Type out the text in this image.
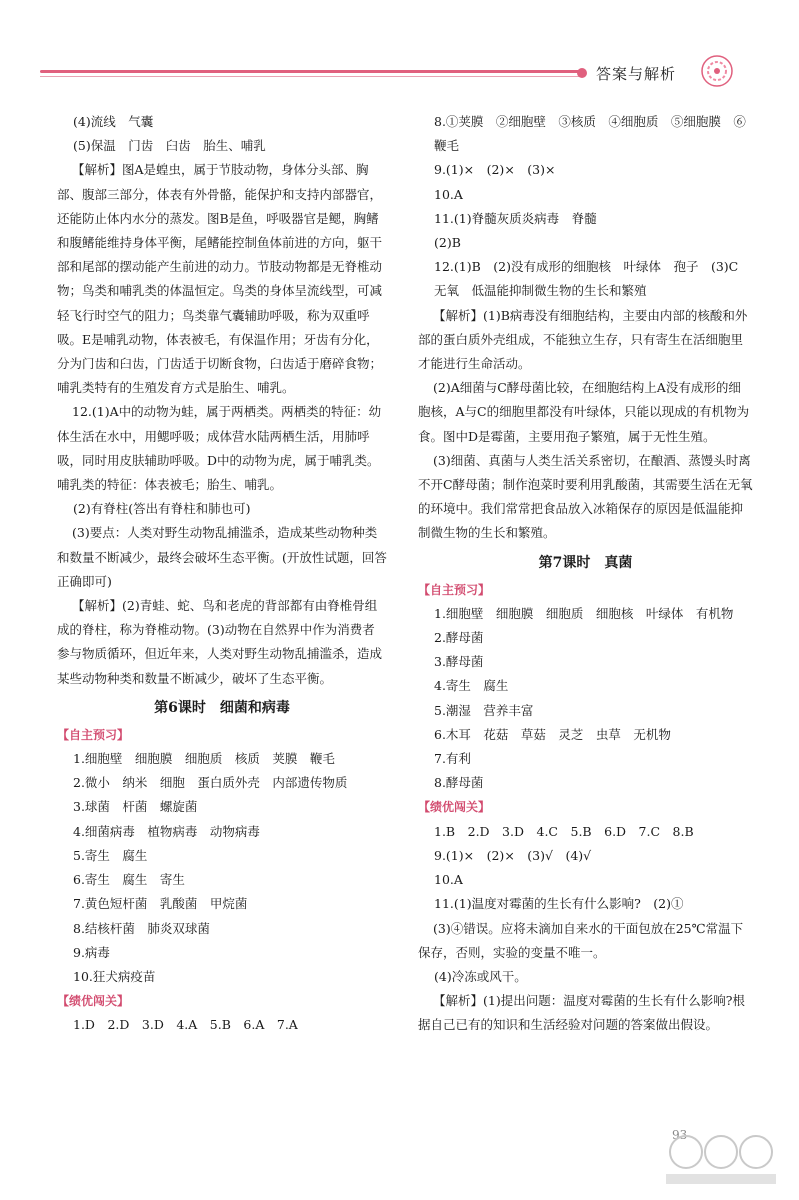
答案与解析

(4)流线　气囊

(5)保温　门齿　臼齿　胎生、哺乳

【解析】图A是蝗虫，属于节肢动物，身体分头部、胸部、腹部三部分，体表有外骨骼，能保护和支持内部器官，还能防止体内水分的蒸发。图B是鱼，呼吸器官是鳃，胸鳍和腹鳍能维持身体平衡，尾鳍能控制鱼体前进的方向，躯干部和尾部的摆动能产生前进的动力。节肢动物都是无脊椎动物；鸟类和哺乳类的体温恒定。鸟类的身体呈流线型，可减轻飞行时空气的阻力；鸟类靠气囊辅助呼吸，称为双重呼吸。E是哺乳动物，体表被毛，有保温作用；牙齿有分化，分为门齿和臼齿，门齿适于切断食物，臼齿适于磨碎食物；哺乳类特有的生殖发育方式是胎生、哺乳。

12.(1)A中的动物为蛙，属于两栖类。两栖类的特征：幼体生活在水中，用鳃呼吸；成体营水陆两栖生活，用肺呼吸，同时用皮肤辅助呼吸。D中的动物为虎，属于哺乳类。哺乳类的特征：体表被毛；胎生、哺乳。

(2)有脊柱(答出有脊柱和肺也可)

(3)要点：人类对野生动物乱捕滥杀，造成某些动物种类和数量不断减少，最终会破坏生态平衡。(开放性试题，回答正确即可)

【解析】(2)青蛙、蛇、鸟和老虎的背部都有由脊椎骨组成的脊柱，称为脊椎动物。(3)动物在自然界中作为消费者参与物质循环，但近年来，人类对野生动物乱捕滥杀，造成某些动物种类和数量不断减少，破坏了生态平衡。

第6课时　细菌和病毒
【 自主预习 】

1.细胞壁　细胞膜　细胞质　核质　荚膜　鞭毛

2.微小　纳米　细胞　蛋白质外壳　内部遗传物质

3.球菌　杆菌　螺旋菌

4.细菌病毒　植物病毒　动物病毒

5.寄生　腐生

6.寄生　腐生　寄生

7.黄色短杆菌　乳酸菌　甲烷菌

8.结核杆菌　肺炎双球菌

9.病毒

10.狂犬病疫苗

【 绩优闯关 】

1.D　2.D　3.D　4.A　5.B　6.A　7.A

8.①荚膜　②细胞壁　③核质　④细胞质　⑤细胞膜　⑥鞭毛

9.(1)×　(2)×　(3)×

10.A

11.(1)脊髓灰质炎病毒　脊髓

(2)B

12.(1)B　(2)没有成形的细胞核　叶绿体　孢子　(3)C　无氧　低温能抑制微生物的生长和繁殖

【解析】(1)B病毒没有细胞结构，主要由内部的核酸和外部的蛋白质外壳组成，不能独立生存，只有寄生在活细胞里才能进行生命活动。

(2)A细菌与C酵母菌比较，在细胞结构上A没有成形的细胞核，A与C的细胞里都没有叶绿体，只能以现成的有机物为食。图中D是霉菌，主要用孢子繁殖，属于无性生殖。

(3)细菌、真菌与人类生活关系密切，在酿酒、蒸馒头时离不开C酵母菌；制作泡菜时要利用乳酸菌，其需要生活在无氧的环境中。我们常常把食品放入冰箱保存的原因是低温能抑制微生物的生长和繁殖。

第7课时　真菌
【 自主预习 】

1.细胞壁　细胞膜　细胞质　细胞核　叶绿体　有机物

2.酵母菌

3.酵母菌

4.寄生　腐生

5.潮湿　营养丰富

6.木耳　花菇　草菇　灵芝　虫草　无机物

7.有利

8.酵母菌

【 绩优闯关 】

1.B　2.D　3.D　4.C　5.B　6.D　7.C　8.B

9.(1)×　(2)×　(3)√　(4)√

10.A

11.(1)温度对霉菌的生长有什么影响?　(2)①

(3)④错误。应将未滴加自来水的干面包放在25℃常温下保存，否则，实验的变量不唯一。

(4)冷冻或风干。

【解析】(1)提出问题：温度对霉菌的生长有什么影响?根据自己已有的知识和生活经验对问题的答案做出假设。

93
